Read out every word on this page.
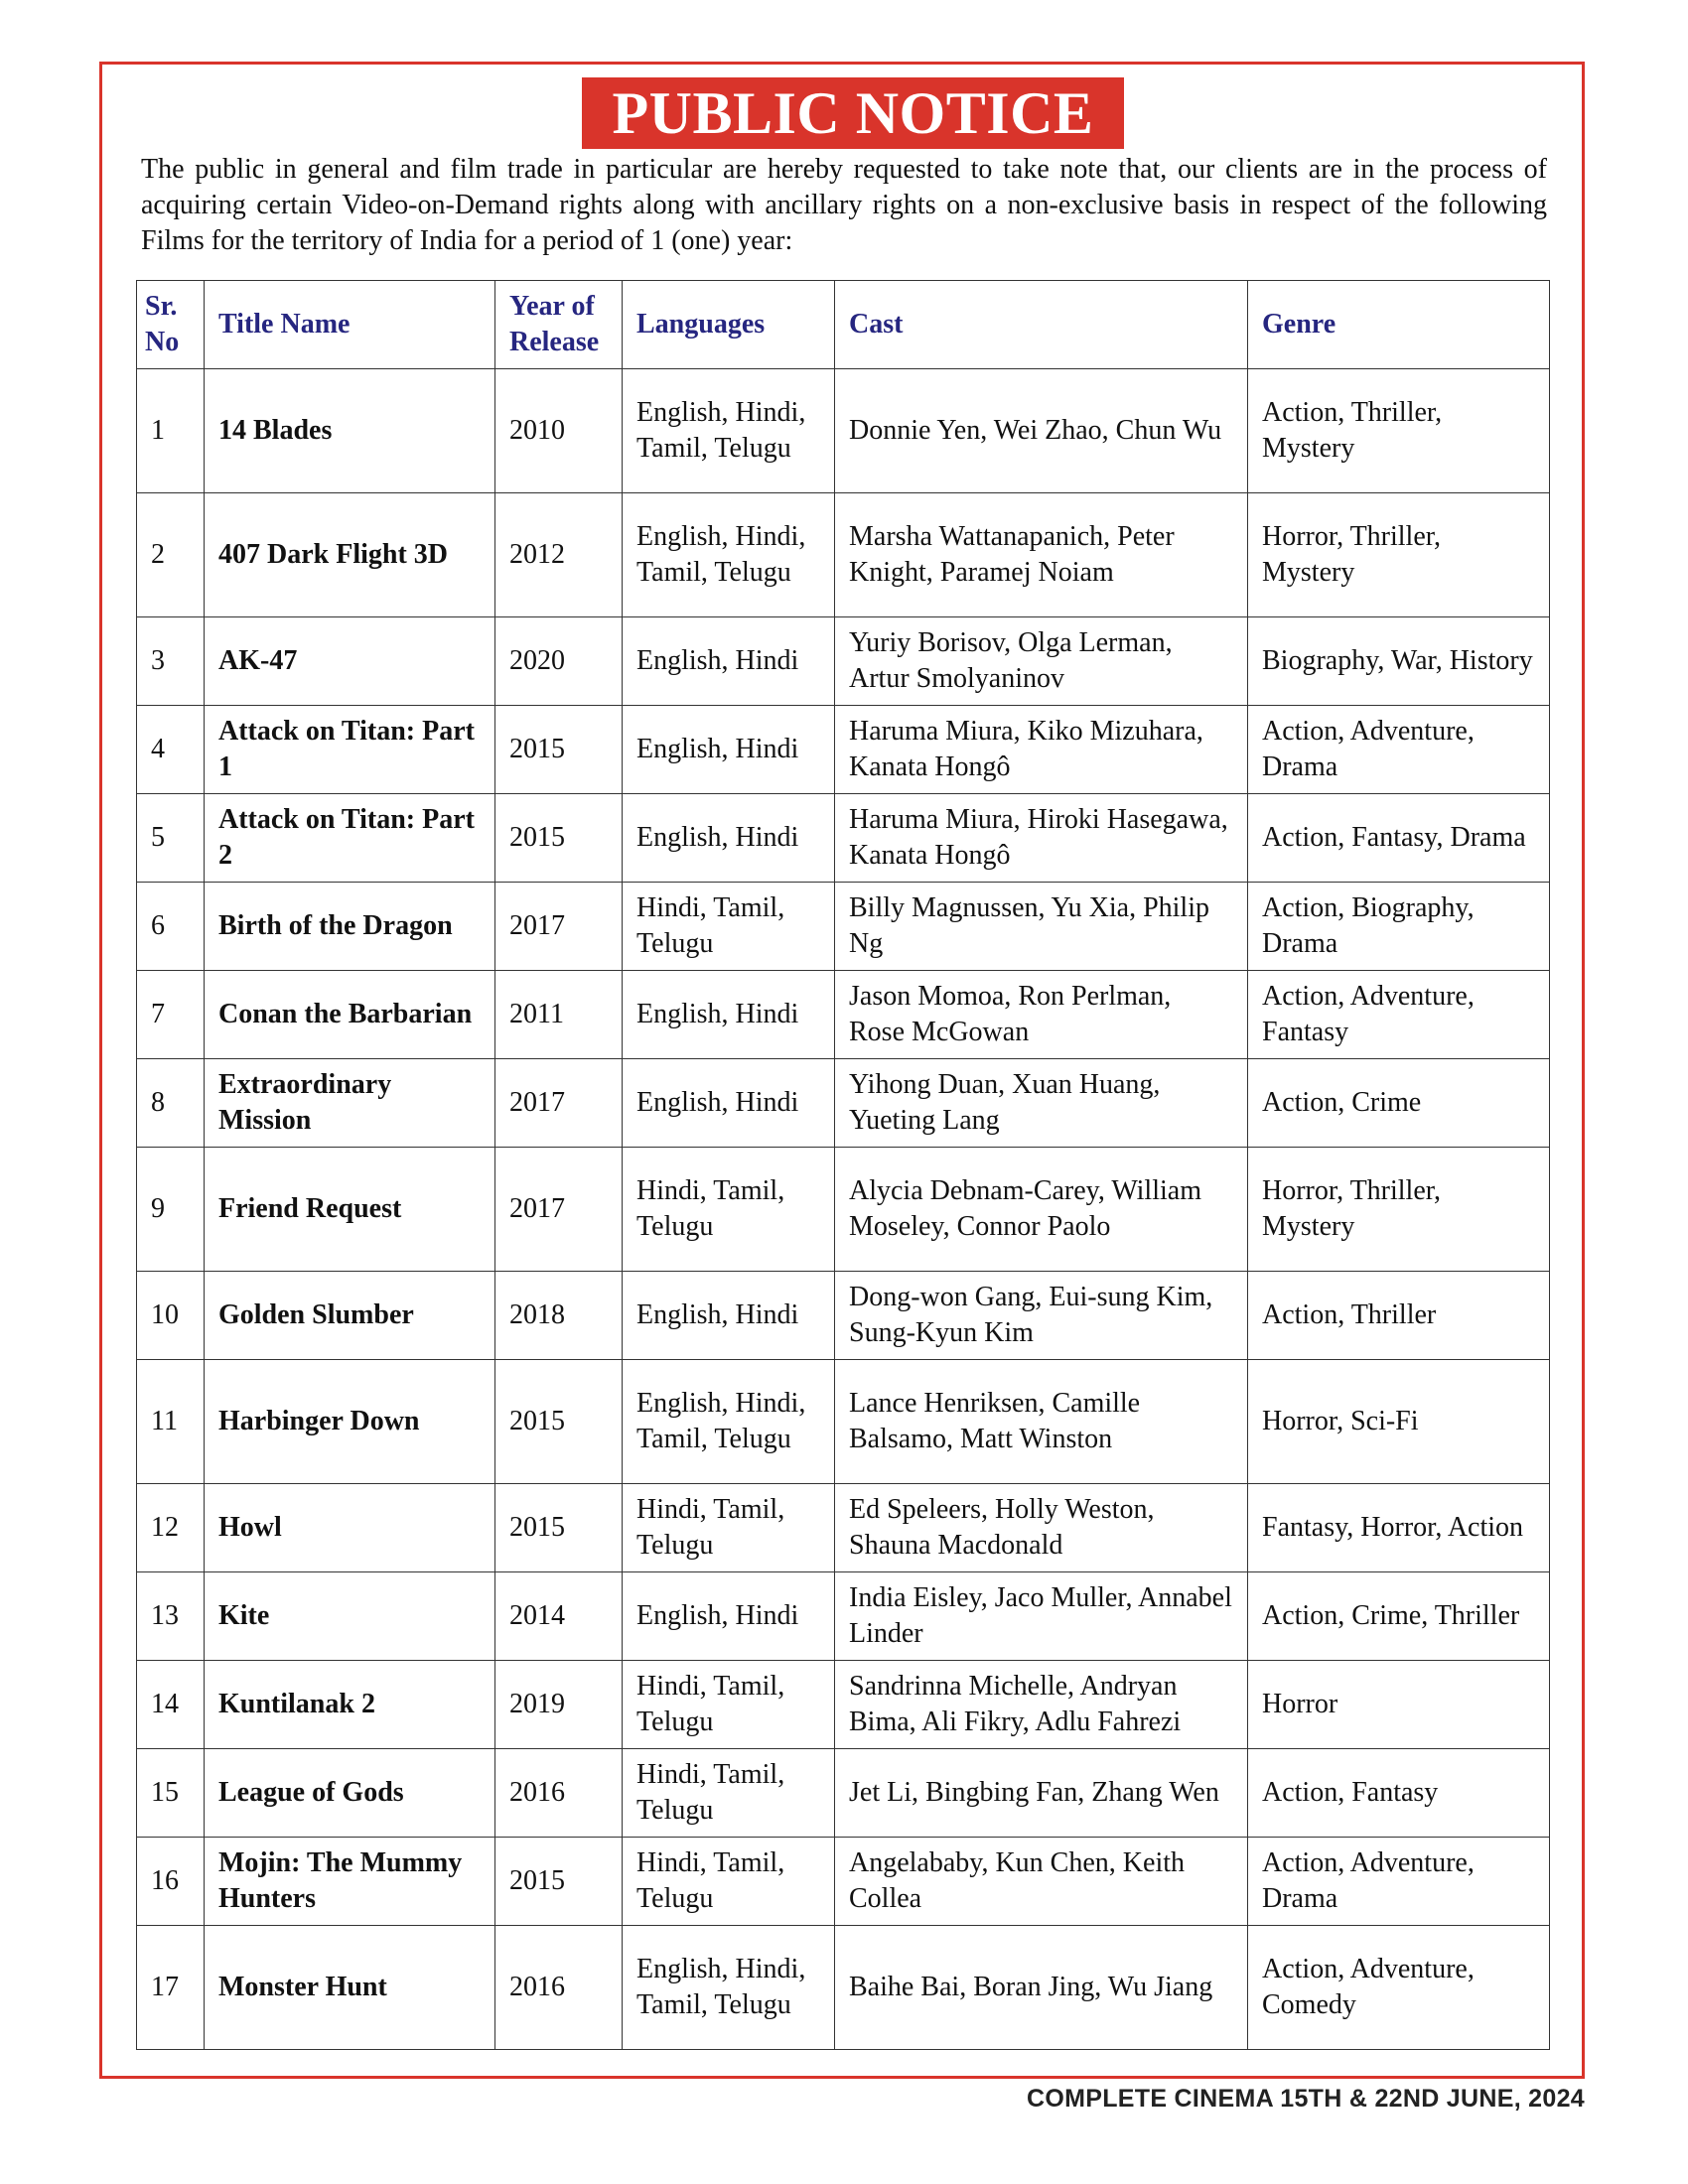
PUBLIC NOTICE
The public in general and film trade in particular are hereby requested to take note that, our clients are in the process of acquiring certain Video-on-Demand rights along with ancillary rights on a non-exclusive basis in respect of the following Films for the territory of India for a period of 1 (one) year:
Sr. No	Title Name	Year of Release	Languages	Cast	Genre
1	14 Blades	2010	English, Hindi, Tamil, Telugu	Donnie Yen, Wei Zhao, Chun Wu	Action, Thriller, Mystery
2	407 Dark Flight 3D	2012	English, Hindi, Tamil, Telugu	Marsha Wattanapanich, Peter Knight, Paramej Noiam	Horror, Thriller, Mystery
3	AK-47	2020	English, Hindi	Yuriy Borisov, Olga Lerman, Artur Smolyaninov	Biography, War, History
4	Attack on Titan: Part 1	2015	English, Hindi	Haruma Miura, Kiko Mizuhara, Kanata Hongô	Action, Adventure, Drama
5	Attack on Titan: Part 2	2015	English, Hindi	Haruma Miura, Hiroki Hasegawa, Kanata Hongô	Action, Fantasy, Drama
6	Birth of the Dragon	2017	Hindi, Tamil, Telugu	Billy Magnussen, Yu Xia, Philip Ng	Action, Biography, Drama
7	Conan the Barbarian	2011	English, Hindi	Jason Momoa, Ron Perlman, Rose McGowan	Action, Adventure, Fantasy
8	Extraordinary Mission	2017	English, Hindi	Yihong Duan, Xuan Huang, Yueting Lang	Action, Crime
9	Friend Request	2017	Hindi, Tamil, Telugu	Alycia Debnam-Carey, William Moseley, Connor Paolo	Horror, Thriller, Mystery
10	Golden Slumber	2018	English, Hindi	Dong-won Gang, Eui-sung Kim, Sung-Kyun Kim	Action, Thriller
11	Harbinger Down	2015	English, Hindi, Tamil, Telugu	Lance Henriksen, Camille Balsamo, Matt Winston	Horror, Sci-Fi
12	Howl	2015	Hindi, Tamil, Telugu	Ed Speleers, Holly Weston, Shauna Macdonald	Fantasy, Horror, Action
13	Kite	2014	English, Hindi	India Eisley, Jaco Muller, Annabel Linder	Action, Crime, Thriller
14	Kuntilanak 2	2019	Hindi, Tamil, Telugu	Sandrinna Michelle, Andryan Bima, Ali Fikry, Adlu Fahrezi	Horror
15	League of Gods	2016	Hindi, Tamil, Telugu	Jet Li, Bingbing Fan, Zhang Wen	Action, Fantasy
16	Mojin: The Mummy Hunters	2015	Hindi, Tamil, Telugu	Angelababy, Kun Chen, Keith Collea	Action, Adventure, Drama
17	Monster Hunt	2016	English, Hindi, Tamil, Telugu	Baihe Bai, Boran Jing, Wu Jiang	Action, Adventure, Comedy
COMPLETE CINEMA 15TH & 22ND JUNE, 2024
